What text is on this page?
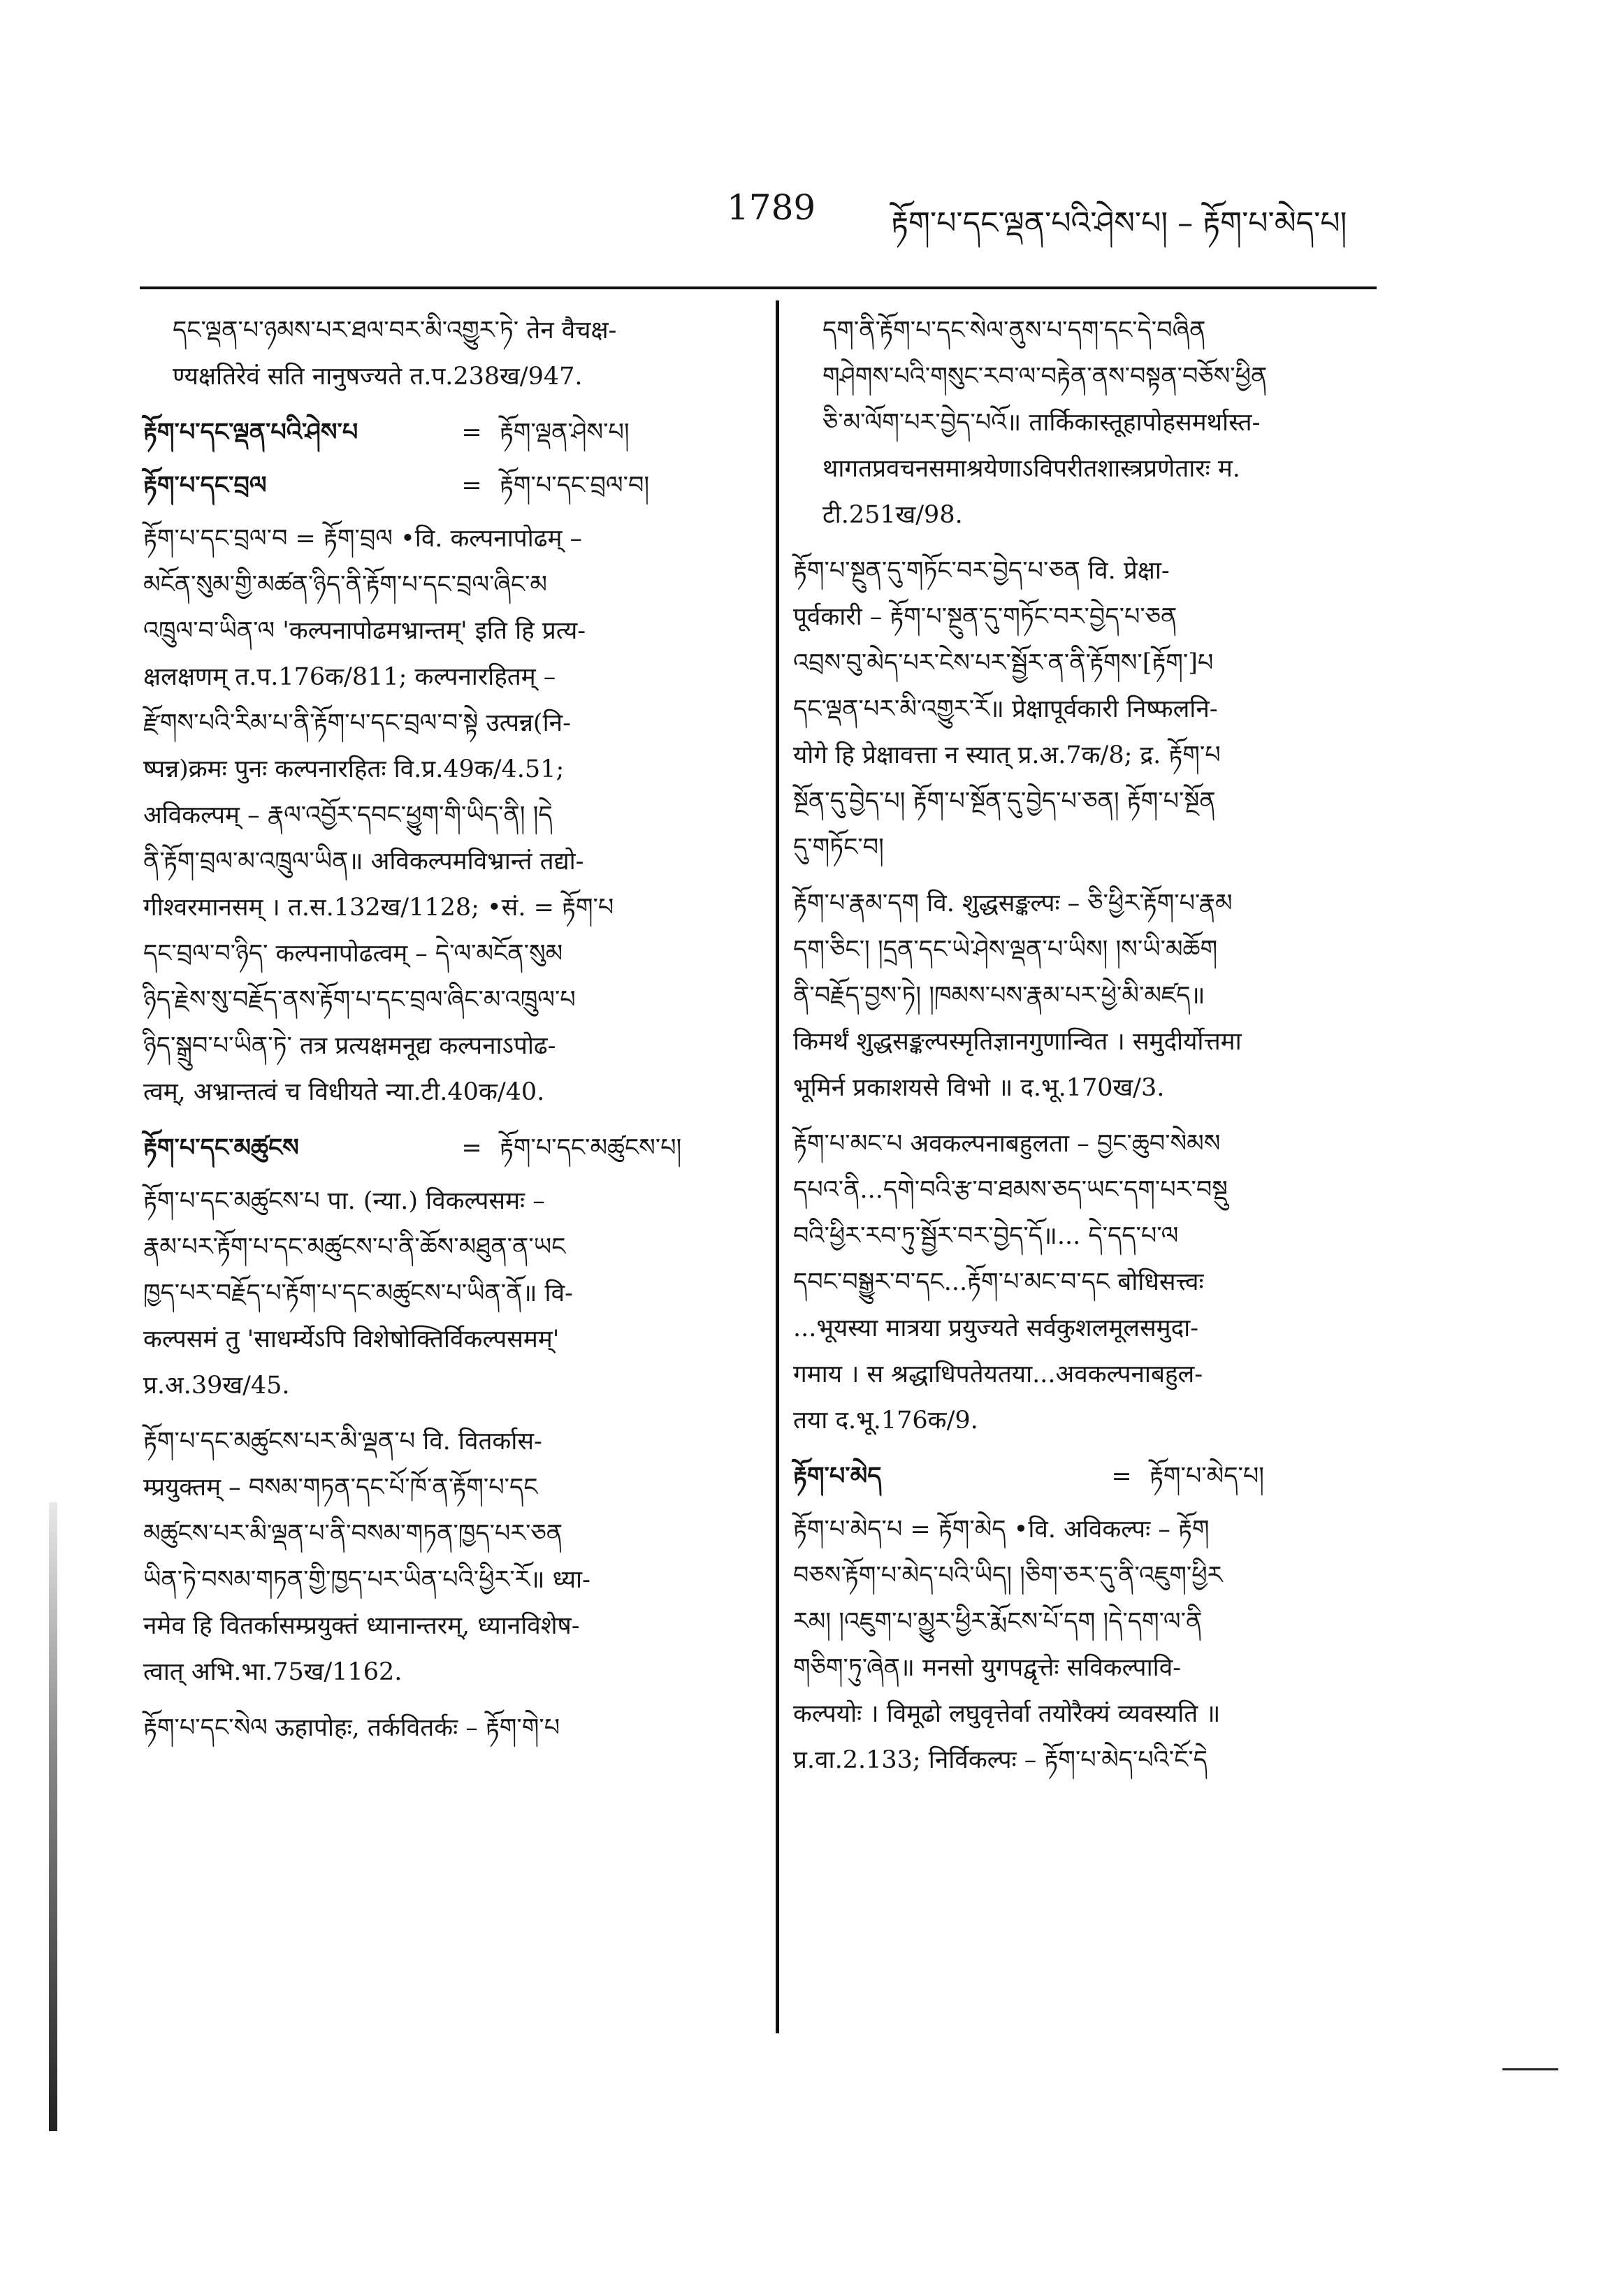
1789 རྟོག་པ་དང་ལྡན་པའི་ཤེས་པ། – རྟོག་པ་མེད་པ།

དང་ལྡན་པ་ཉམས་པར་ཐལ་བར་མི་འགྱུར་ཏེ་ तेन वैचक्ष-

ण्यक्षतिरेवं सति नानुषज्यते त.प.238ख/947.

རྟོག་པ་དང་ལྡན་པའི་ཤེས་པ	= རྟོག་ལྡན་ཤེས་པ།
རྟོག་པ་དང་བྲལ	= རྟོག་པ་དང་བྲལ་བ།

རྟོག་པ་དང་བྲལ་བ = རྟོག་བྲལ •वि. कल्पनापोढम् –

མངོན་སུམ་གྱི་མཚན་ཉིད་ནི་རྟོག་པ་དང་བྲལ་ཞིང་མ

འཁྲུལ་བ་ཡིན་ལ 'कल्पनापोढमभ्रान्तम्' इति हि प्रत्य-

क्षलक्षणम् त.प.176क/811; कल्पनारहितम् –

རྫོགས་པའི་རིམ་པ་ནི་རྟོག་པ་དང་བྲལ་བ་སྟེ उत्पन्न(नि-

ष्पन्न)क्रमः पुनः कल्पनारहितः वि.प्र.49क/4.51;

अविकल्पम् – རྣལ་འབྱོར་དབང་ཕྱུག་གི་ཡིད་ནི། །དེ

ནི་རྟོག་བྲལ་མ་འཁྲུལ་ཡིན॥ अविकल्पमविभ्रान्तं तद्यो-

गीश्वरमानसम् । त.स.132ख/1128; •सं. = རྟོག་པ

དང་བྲལ་བ་ཉིད་ कल्पनापोढत्वम् – དེ་ལ་མངོན་སུམ

ཉིད་རྗེས་སུ་བརྗོད་ནས་རྟོག་པ་དང་བྲལ་ཞིང་མ་འཁྲུལ་པ

ཉིད་སྒྲུབ་པ་ཡིན་ཏེ་ तत्र प्रत्यक्षमनूद्य कल्पनाऽपोढ-

त्वम्, अभ्रान्तत्वं च विधीयते न्या.टी.40क/40.

རྟོག་པ་དང་མཚུངས	= རྟོག་པ་དང་མཚུངས་པ།

རྟོག་པ་དང་མཚུངས་པ पा. (न्या.) विकल्पसमः –

རྣམ་པར་རྟོག་པ་དང་མཚུངས་པ་ནི་ཆོས་མཐུན་ན་ཡང

ཁྱད་པར་བརྗོད་པ་རྟོག་པ་དང་མཚུངས་པ་ཡིན་ནོ॥ वि-

कल्पसमं तु 'साधर्म्येऽपि विशेषोक्तिर्विकल्पसमम्'

प्र.अ.39ख/45.

རྟོག་པ་དང་མཚུངས་པར་མི་ལྡན་པ वि. वितर्कास-

म्प्रयुक्तम् – བསམ་གཏན་དང་པོ་ཁོ་ན་རྟོག་པ་དང

མཚུངས་པར་མི་ལྡན་པ་ནི་བསམ་གཏན་ཁྱད་པར་ཅན

ཡིན་ཏེ་བསམ་གཏན་གྱི་ཁྱད་པར་ཡིན་པའི་ཕྱིར་རོ॥ ध्या-

नमेव हि वितर्कासम्प्रयुक्तं ध्यानान्तरम्, ध्यानविशेष-

त्वात् अभि.भा.75ख/1162.

རྟོག་པ་དང་སེལ ऊहापोहः, तर्कवितर्कः – རྟོག་གེ་པ

དག་ནི་རྟོག་པ་དང་སེལ་ནུས་པ་དག་དང་དེ་བཞིན

གཤེགས་པའི་གསུང་རབ་ལ་བརྟེན་ནས་བསྟན་བཅོས་ཕྱིན

ཅི་མ་ལོག་པར་བྱེད་པའོ॥ तार्किकास्तूहापोहसमर्थास्त-

थागतप्रवचनसमाश्रयेणाऽविपरीतशास्त्रप्रणेतारः म.

टी.251ख/98.

རྟོག་པ་སྔུན་དུ་གཏོང་བར་བྱེད་པ་ཅན वि. प्रेक्षा-

पूर्वकारी – རྟོག་པ་སྔུན་དུ་གཏོང་བར་བྱེད་པ་ཅན

འབྲས་བུ་མེད་པར་ངེས་པར་སྦྱོར་ན་ནི་རྟོགས་[རྟོག་]པ

དང་ལྡན་པར་མི་འགྱུར་རོ॥ प्रेक्षापूर्वकारी निष्फलनि-

योगे हि प्रेक्षावत्ता न स्यात् प्र.अ.7क/8; द्र. རྟོག་པ

སྔོན་དུ་བྱེད་པ། རྟོག་པ་སྔོན་དུ་བྱེད་པ་ཅན། རྟོག་པ་སྔོན

དུ་གཏོང་བ།

རྟོག་པ་རྣམ་དག वि. शुद्धसङ्कल्पः – ཅི་ཕྱིར་རྟོག་པ་རྣམ

དག་ཅིང་། །དྲན་དང་ཡེ་ཤེས་ལྡན་པ་ཡིས། །ས་ཡི་མཆོག

ནི་བརྗོད་བྱས་ཏེ། །ཁམས་པས་རྣམ་པར་ཕྱེ་མི་མཛད॥

किमर्थं शुद्धसङ्कल्पस्मृतिज्ञानगुणान्वित । समुदीर्योत्तमा

भूमिर्न प्रकाशयसे विभो ॥ द.भू.170ख/3.

རྟོག་པ་མང་པ अवकल्पनाबहुलता – བྱང་ཆུབ་སེམས

དཔའ་ནི...དགེ་བའི་རྩ་བ་ཐམས་ཅད་ཡང་དག་པར་བསྡུ

བའི་ཕྱིར་རབ་ཏུ་སྦྱོར་བར་བྱེད་དོ॥... དེ་དད་པ་ལ

དབང་བསྒྱུར་བ་དང...རྟོག་པ་མང་བ་དང बोधिसत्त्वः

...भूयस्या मात्रया प्रयुज्यते सर्वकुशलमूलसमुदा-

गमाय । स श्रद्धाधिपतेयतया...अवकल्पनाबहुल-

तया द.भू.176क/9.

རྟོག་པ་མེད	= རྟོག་པ་མེད་པ།

རྟོག་པ་མེད་པ = རྟོག་མེད •वि. अविकल्पः – རྟོག

བཅས་རྟོག་པ་མེད་པའི་ཡིད། །ཅིག་ཅར་དུ་ནི་འཇུག་ཕྱིར

རམ། །འཇུག་པ་མྱུར་ཕྱིར་རྨོངས་པོ་དག །དེ་དག་ལ་ནི

གཅིག་ཏུ་ཞེན॥ मनसो युगपद्वृत्तेः सविकल्पावि-

कल्पयोः । विमूढो लघुवृत्तेर्वा तयोरैक्यं व्यवस्यति ॥

प्र.वा.2.133; निर्विकल्पः – རྟོག་པ་མེད་པའི་ངོ་དེ
